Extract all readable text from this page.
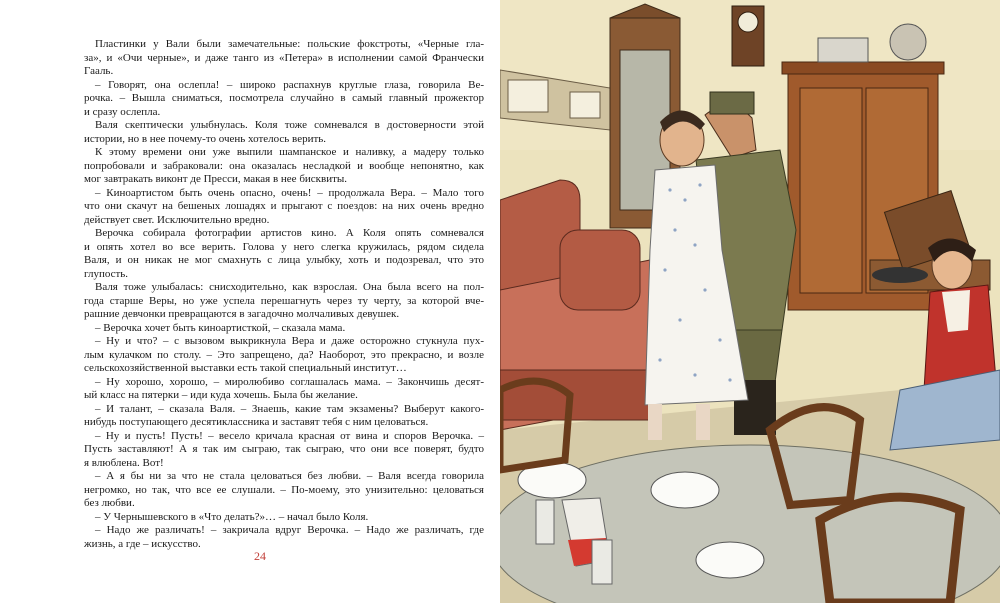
Пластинки у Вали были замечательные: польские фокстроты, «Черные гла-
за», и «Очи черные», и даже танго из «Петера» в исполнении самой Франчески
Гааль.
– Говорят, она ослепла! – широко распахнув круглые глаза, говорила Ве-
рочка. – Вышла сниматься, посмотрела случайно в самый главный прожектор
и сразу ослепла.
Валя скептически улыбнулась. Коля тоже сомневался в достоверности этой
истории, но в нее почему-то очень хотелось верить.
К этому времени они уже выпили шампанское и наливку, а мадеру только
попробовали и забраковали: она оказалась несладкой и вообще непонятно, как
мог завтракать виконт де Пресси, макая в нее бисквиты.
– Киноартистом быть очень опасно, очень! – продолжала Вера. – Мало того
что они скачут на бешеных лошадях и прыгают с поездов: на них очень вредно
действует свет. Исключительно вредно.
Верочка собирала фотографии артистов кино. А Коля опять сомневался
и опять хотел во все верить. Голова у него слегка кружилась, рядом сидела
Валя, и он никак не мог смахнуть с лица улыбку, хоть и подозревал, что это
глупость.
Валя тоже улыбалась: снисходительно, как взрослая. Она была всего на пол-
года старше Веры, но уже успела перешагнуть через ту черту, за которой вче-
рашние девчонки превращаются в загадочно молчаливых девушек.
– Верочка хочет быть киноартисткой, – сказала мама.
– Ну и что? – с вызовом выкрикнула Вера и даже осторожно стукнула пух-
лым кулачком по столу. – Это запрещено, да? Наоборот, это прекрасно, и возле
сельскохозяйственной выставки есть такой специальный институт…
– Ну хорошо, хорошо, – миролюбиво соглашалась мама. – Закончишь десят-
ый класс на пятерки – иди куда хочешь. Была бы желание.
– И талант, – сказала Валя. – Знаешь, какие там экзамены? Выберут какого-
нибудь поступающего десятиклассника и заставят тебя с ним целоваться.
– Ну и пусть! Пусть! – весело кричала красная от вина и споров Верочка. –
Пусть заставляют! А я так им сыграю, так сыграю, что они все поверят, будто
я влюблена. Вот!
– А я бы ни за что не стала целоваться без любви. – Валя всегда говорила
негромко, но так, что все ее слушали. – По-моему, это унизительно: целоваться
без любви.
– У Чернышевского в «Что делать?»… – начал было Коля.
– Надо же различать! – закричала вдруг Верочка. – Надо же различать, где
жизнь, а где – искусство.
24
